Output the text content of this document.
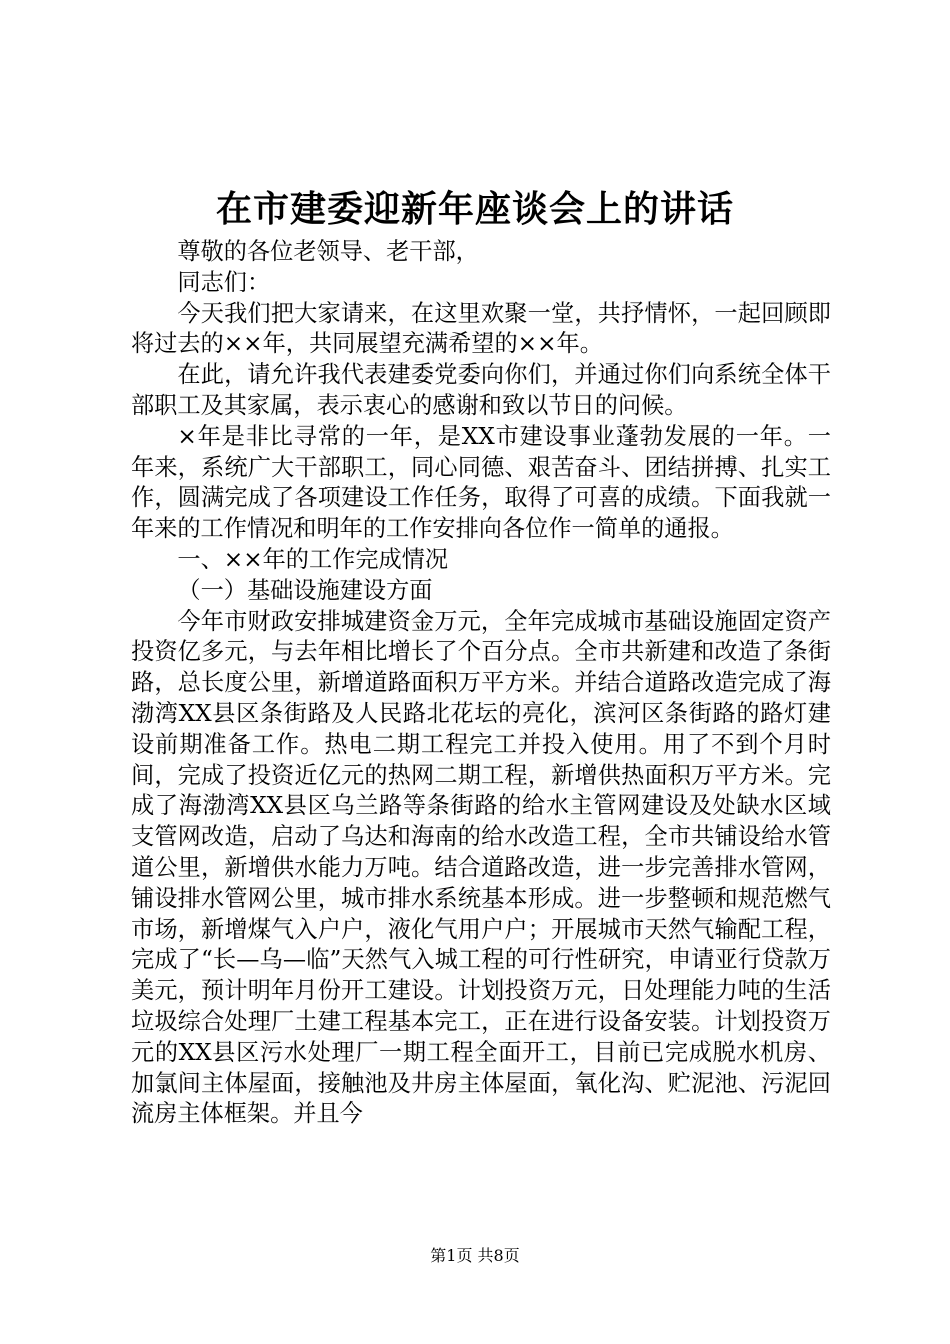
在市建委迎新年座谈会上的讲话

尊敬的各位老领导、老干部，

同志们：

今天我们把大家请来，在这里欢聚一堂，共抒情怀，一起回顾即将过去的××年，共同展望充满希望的××年。

在此，请允许我代表建委党委向你们，并通过你们向系统全体干部职工及其家属，表示衷心的感谢和致以节日的问候。

×年是非比寻常的一年，是XX市建设事业蓬勃发展的一年。一年来，系统广大干部职工，同心同德、艰苦奋斗、团结拼搏、扎实工作，圆满完成了各项建设工作任务，取得了可喜的成绩。下面我就一年来的工作情况和明年的工作安排向各位作一简单的通报。

一、××年的工作完成情况

（一）基础设施建设方面

今年市财政安排城建资金万元，全年完成城市基础设施固定资产投资亿多元，与去年相比增长了个百分点。全市共新建和改造了条街路，总长度公里，新增道路面积万平方米。并结合道路改造完成了海渤湾XX县区条街路及人民路北花坛的亮化，滨河区条街路的路灯建设前期准备工作。热电二期工程完工并投入使用。用了不到个月时间，完成了投资近亿元的热网二期工程，新增供热面积万平方米。完成了海渤湾XX县区乌兰路等条街路的给水主管网建设及处缺水区域支管网改造，启动了乌达和海南的给水改造工程，全市共铺设给水管道公里，新增供水能力万吨。结合道路改造，进一步完善排水管网，铺设排水管网公里，城市排水系统基本形成。进一步整顿和规范燃气市场，新增煤气入户户，液化气用户户；开展城市天然气输配工程，完成了“长—乌—临”天然气入城工程的可行性研究，申请亚行贷款万美元，预计明年月份开工建设。计划投资万元，日处理能力吨的生活垃圾综合处理厂土建工程基本完工，正在进行设备安装。计划投资万元的XX县区污水处理厂一期工程全面开工，目前已完成脱水机房、加氯间主体屋面，接触池及井房主体屋面，氧化沟、贮泥池、污泥回流房主体框架。并且今

第1页 共8页
